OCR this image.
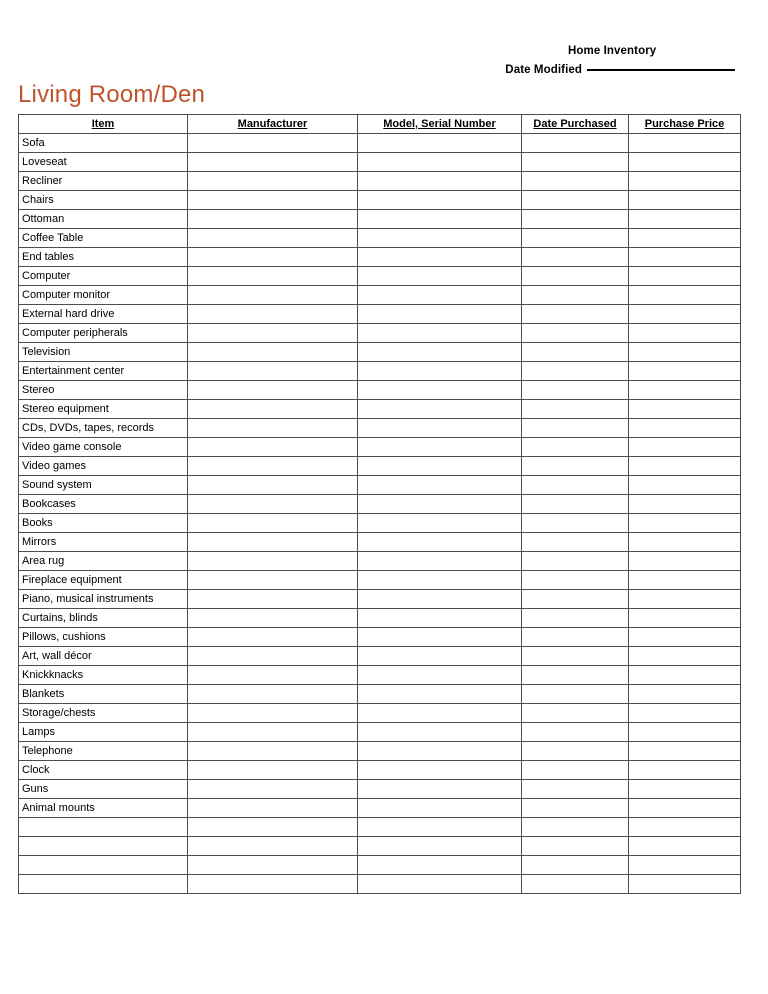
Home Inventory
Date Modified
Living Room/Den
Item	Manufacturer	Model, Serial Number	Date Purchased	Purchase Price
Sofa				
Loveseat				
Recliner				
Chairs				
Ottoman				
Coffee Table				
End tables				
Computer				
Computer monitor				
External hard drive				
Computer peripherals				
Television				
Entertainment center				
Stereo				
Stereo equipment				
CDs, DVDs, tapes, records				
Video game console				
Video games				
Sound system				
Bookcases				
Books				
Mirrors				
Area rug				
Fireplace equipment				
Piano, musical instruments				
Curtains, blinds				
Pillows, cushions				
Art, wall décor				
Knickknacks				
Blankets				
Storage/chests				
Lamps				
Telephone				
Clock				
Guns				
Animal mounts				
